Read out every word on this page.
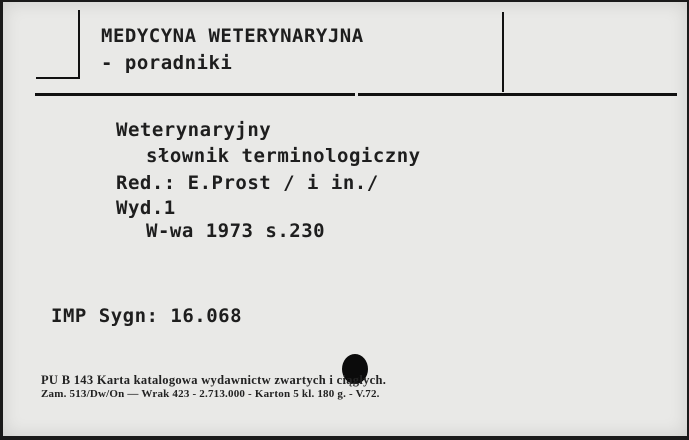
MEDYCYNA WETERYNARYJNA
- poradniki
Weterynaryjny
słownik terminologiczny
Red.: E.Prost / i in./
Wyd.1
W-wa 1973 s.230
IMP Sygn: 16.068
PU B 143 Karta katalogowa wydawnictw zwartych i ciągłych.
Zam. 513/Dw/On — Wrak 423 - 2.713.000 - Karton 5 kl. 180 g. - V.72.
